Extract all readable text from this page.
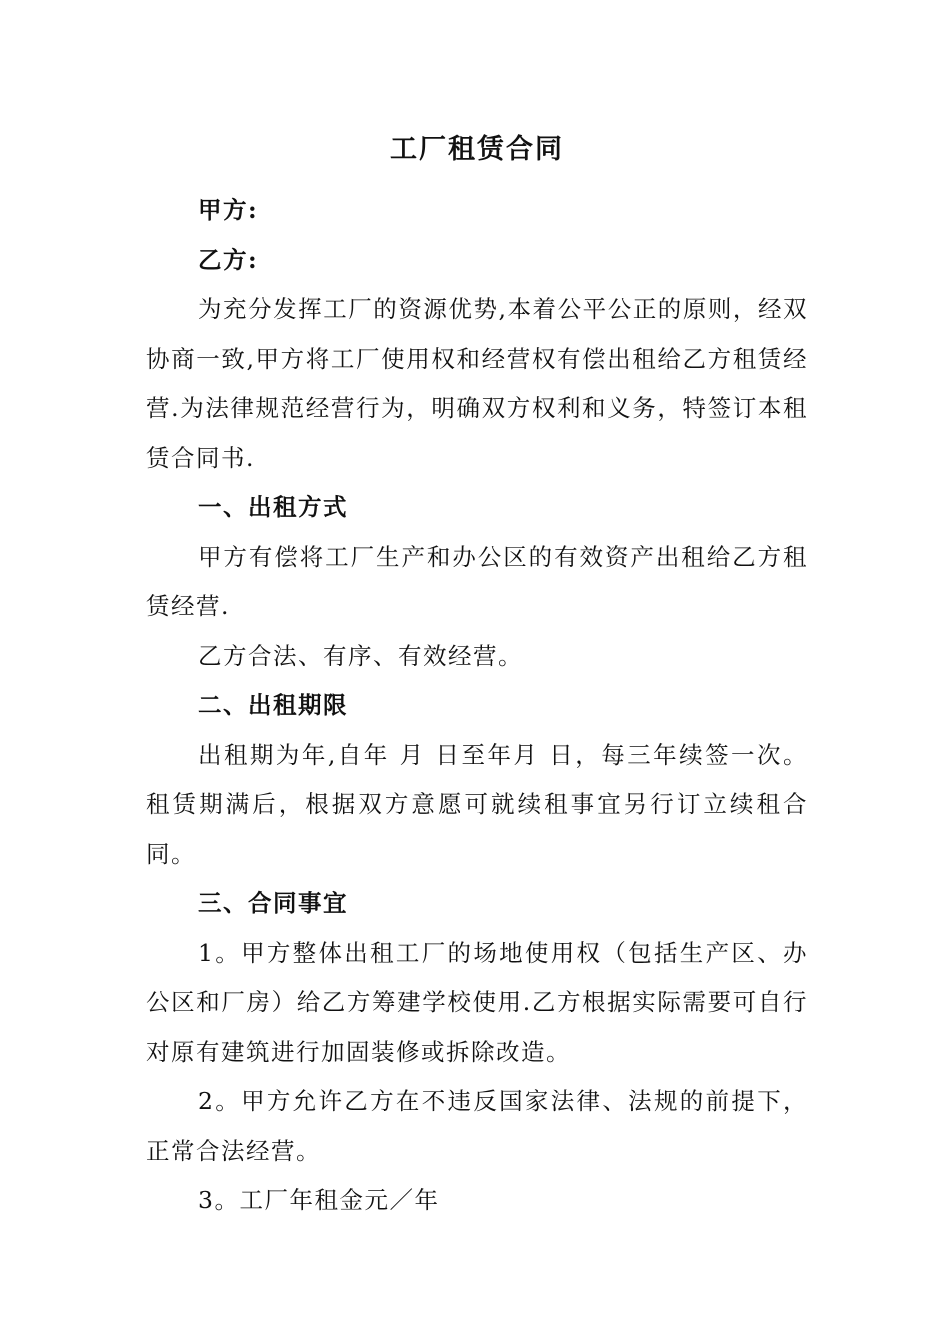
工厂租赁合同
甲方:
乙方:

为充分发挥工厂的资源优势,本着公平公正的原则，经双协商一致,甲方将工厂使用权和经营权有偿出租给乙方租赁经营.为法律规范经营行为，明确双方权利和义务，特签订本租赁合同书.

一、出租方式

甲方有偿将工厂生产和办公区的有效资产出租给乙方租赁经营.

乙方合法、有序、有效经营。

二、出租期限

出租期为年,自年 月 日至年月 日，每三年续签一次。租赁期满后，根据双方意愿可就续租事宜另行订立续租合同。

三、合同事宜

1。甲方整体出租工厂的场地使用权（包括生产区、办公区和厂房）给乙方筹建学校使用.乙方根据实际需要可自行对原有建筑进行加固装修或拆除改造。

2。甲方允许乙方在不违反国家法律、法规的前提下，正常合法经营。

3。工厂年租金元／年
